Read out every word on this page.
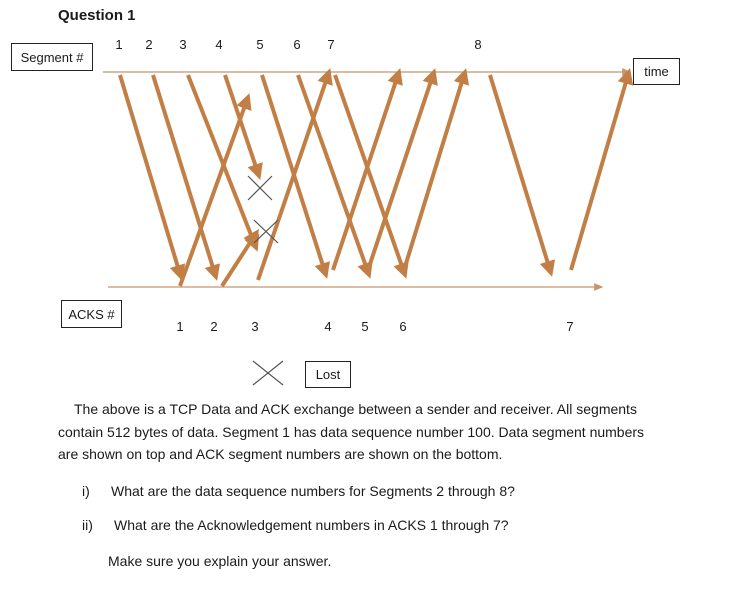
Question 1
Segment #
time
ACKS #
Lost
1	2	3	4	5	6	7	8
1	2	3	4	5	6	7
The above is a TCP Data and ACK exchange between a sender and receiver. All segments
contain 512 bytes of data. Segment 1 has data sequence number 100. Data segment numbers
are shown on top and ACK segment numbers are shown on the bottom.
i) What are the data sequence numbers for Segments 2 through 8?
ii) What are the Acknowledgement numbers in ACKS 1 through 7?
Make sure you explain your answer.
